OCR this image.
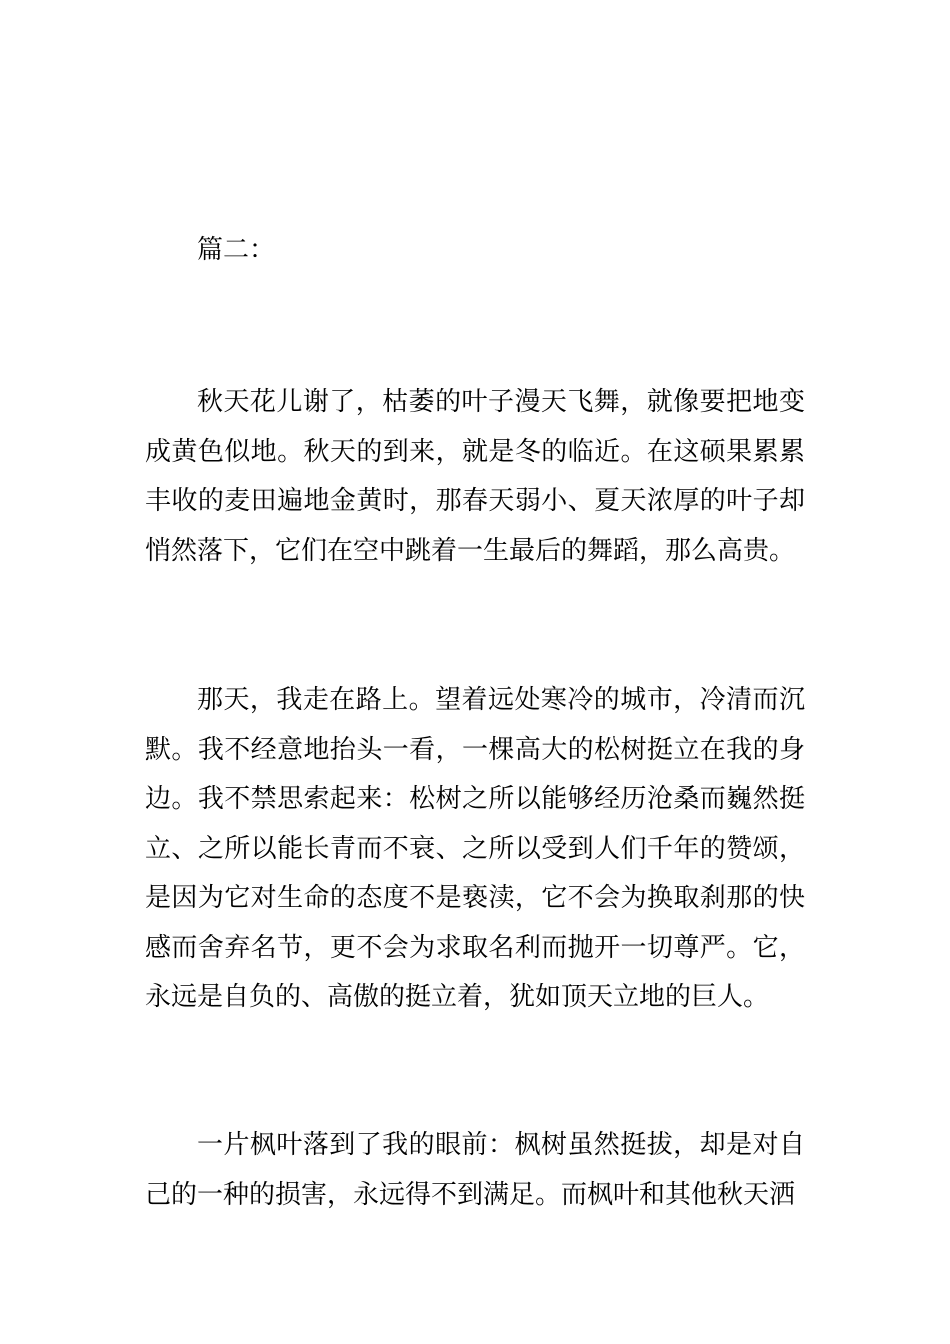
篇二：

秋天花儿谢了，枯萎的叶子漫天飞舞，就像要把地变成黄色似地。秋天的到来，就是冬的临近。在这硕果累累丰收的麦田遍地金黄时，那春天弱小、夏天浓厚的叶子却悄然落下，它们在空中跳着一生最后的舞蹈，那么高贵。

那天，我走在路上。望着远处寒冷的城市，冷清而沉默。我不经意地抬头一看，一棵高大的松树挺立在我的身边。我不禁思索起来：松树之所以能够经历沧桑而巍然挺立、之所以能长青而不衰、之所以受到人们千年的赞颂，是因为它对生命的态度不是亵渎，它不会为换取刹那的快感而舍弃名节，更不会为求取名利而抛开一切尊严。它，永远是自负的、高傲的挺立着，犹如顶天立地的巨人。

一片枫叶落到了我的眼前：枫树虽然挺拔，却是对自己的一种的损害，永远得不到满足。而枫叶和其他秋天洒
